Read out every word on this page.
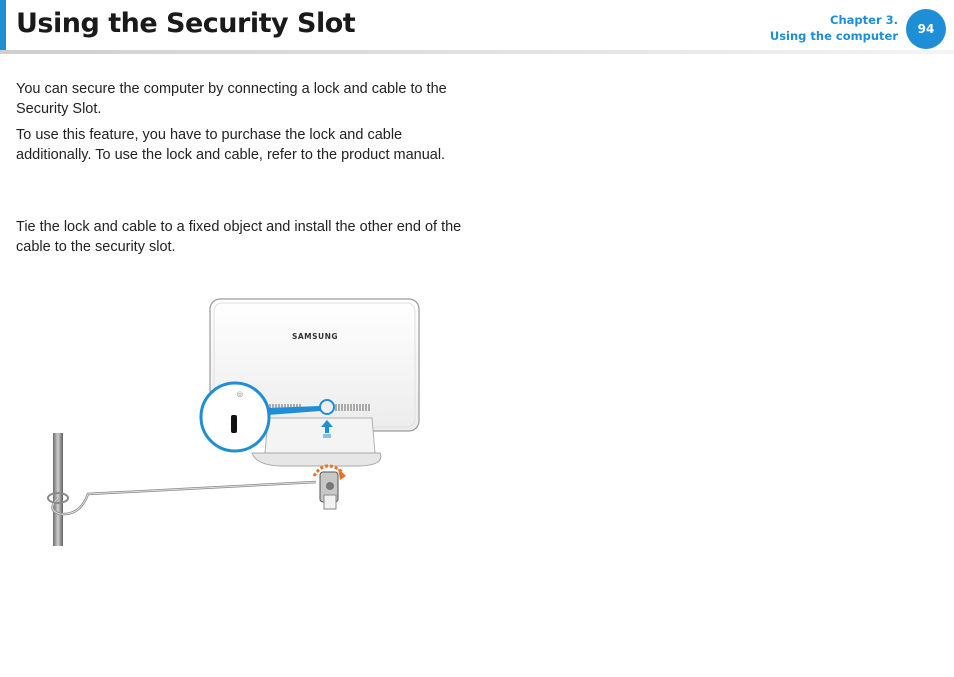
Using the Security Slot	Chapter 3.
Using the computer	94

You can secure the computer by connecting a lock and cable to the Security Slot.

To use this feature, you have to purchase the lock and cable additionally. To use the lock and cable, refer to the product manual.

Tie the lock and cable to a fixed object and install the other end of the cable to the security slot.

SAMSUNG
⦾
